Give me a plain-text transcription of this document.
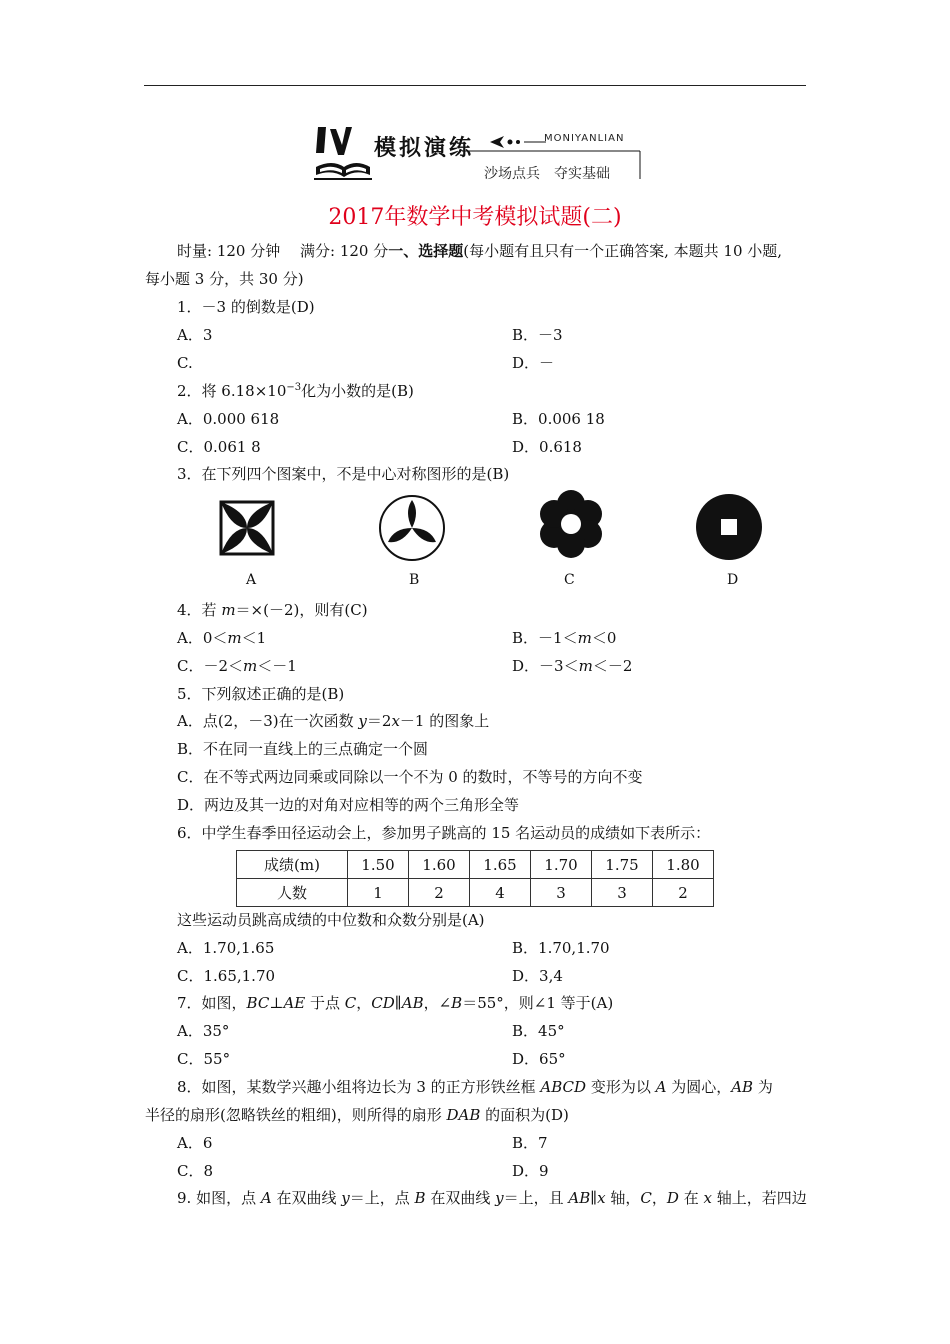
模拟演练	MONIYANLIAN
沙场点兵　夺实基础
2017年数学中考模拟试题(二)
时量: 120 分钟　 满分: 120 分一、选择题(每小题有且只有一个正确答案, 本题共 10 小题,
每小题 3 分，共 30 分)
1．－3 的倒数是(D)
A．3	B．－3
C.	D．－
2．将 $6.18\times 10^{-3}$化为小数的是(B)
A．0.000 618	B．0.006 18
C．0.061 8	D．0.618
3．在下列四个图案中，不是中心对称图形的是(B)
A	B	C	D
4．若 m＝×(－2)，则有(C)
A．0＜m＜1	B．－1＜m＜0
C．－2＜m＜－1	D．－3＜m＜－2
5．下列叙述正确的是(B)
A．点(2，－3)在一次函数 y＝2x－1 的图象上
B．不在同一直线上的三点确定一个圆
C．在不等式两边同乘或同除以一个不为 0 的数时，不等号的方向不变
D．两边及其一边的对角对应相等的两个三角形全等
6．中学生春季田径运动会上，参加男子跳高的 15 名运动员的成绩如下表所示：
成绩(m)	1.50	1.60	1.65	1.70	1.75	1.80
人数	1	2	4	3	3	2
这些运动员跳高成绩的中位数和众数分别是(A)
A．1.70,1.65	B．1.70,1.70
C．1.65,1.70	D．3,4
7．如图，BC⊥AE 于点 C，CD∥AB，∠B＝55°，则∠1 等于(A)
A．35°	B．45°
C．55°	D．65°
8．如图，某数学兴趣小组将边长为 3 的正方形铁丝框 ABCD 变形为以 A 为圆心，AB 为
半径的扇形(忽略铁丝的粗细)，则所得的扇形 DAB 的面积为(D)
A．6	B．7
C．8	D．9
9. 如图，点 A 在双曲线 y＝上，点 B 在双曲线 y＝上，且 AB∥x 轴，C，D 在 x 轴上，若四边
